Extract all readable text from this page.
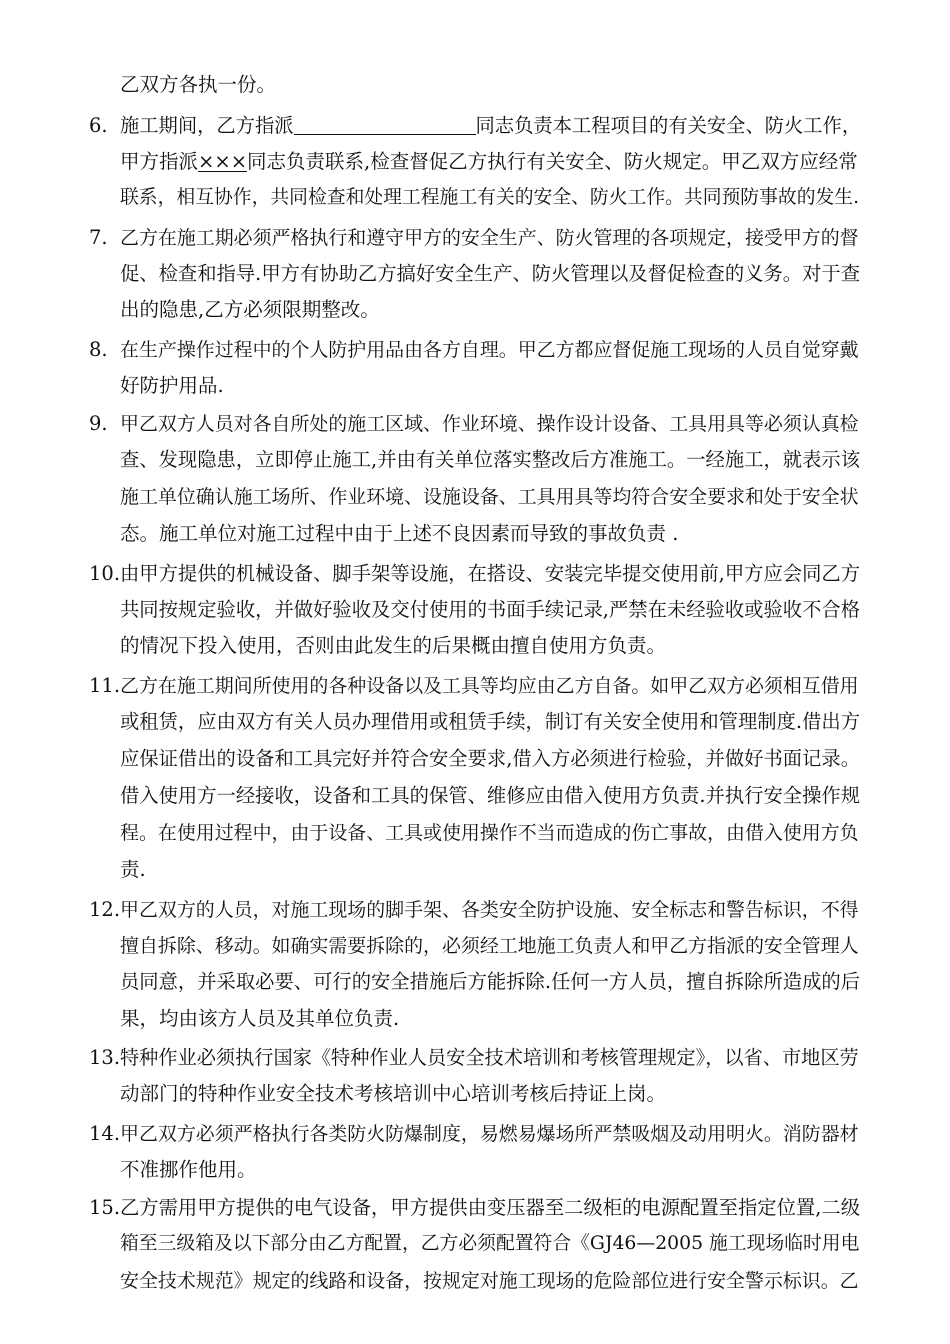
乙双方各执一份。
6. 施工期间，乙方指派	同志负责本工程项目的有关安全、防火工作，
甲方指派×××同志负责联系,检查督促乙方执行有关安全、防火规定。甲乙双方应经常
联系，相互协作，共同检查和处理工程施工有关的安全、防火工作。共同预防事故的发生.
7. 乙方在施工期必须严格执行和遵守甲方的安全生产、防火管理的各项规定，接受甲方的督
促、检查和指导.甲方有协助乙方搞好安全生产、防火管理以及督促检查的义务。对于查
出的隐患,乙方必须限期整改。
8. 在生产操作过程中的个人防护用品由各方自理。甲乙方都应督促施工现场的人员自觉穿戴
好防护用品.
9. 甲乙双方人员对各自所处的施工区域、作业环境、操作设计设备、工具用具等必须认真检
查、发现隐患，立即停止施工,并由有关单位落实整改后方准施工。一经施工，就表示该
施工单位确认施工场所、作业环境、设施设备、工具用具等均符合安全要求和处于安全状
态。施工单位对施工过程中由于上述不良因素而导致的事故负责 .
10. 由甲方提供的机械设备、脚手架等设施，在搭设、安装完毕提交使用前,甲方应会同乙方
共同按规定验收，并做好验收及交付使用的书面手续记录,严禁在未经验收或验收不合格
的情况下投入使用，否则由此发生的后果概由擅自使用方负责。
11. 乙方在施工期间所使用的各种设备以及工具等均应由乙方自备。如甲乙双方必须相互借用
或租赁，应由双方有关人员办理借用或租赁手续，制订有关安全使用和管理制度.借出方
应保证借出的设备和工具完好并符合安全要求,借入方必须进行检验，并做好书面记录。
借入使用方一经接收，设备和工具的保管、维修应由借入使用方负责.并执行安全操作规
程。在使用过程中，由于设备、工具或使用操作不当而造成的伤亡事故，由借入使用方负
责.
12. 甲乙双方的人员，对施工现场的脚手架、各类安全防护设施、安全标志和警告标识，不得
擅自拆除、移动。如确实需要拆除的，必须经工地施工负责人和甲乙方指派的安全管理人
员同意，并采取必要、可行的安全措施后方能拆除.任何一方人员，擅自拆除所造成的后
果，均由该方人员及其单位负责.
13. 特种作业必须执行国家《特种作业人员安全技术培训和考核管理规定》，以省、市地区劳
动部门的特种作业安全技术考核培训中心培训考核后持证上岗。
14. 甲乙双方必须严格执行各类防火防爆制度，易燃易爆场所严禁吸烟及动用明火。消防器材
不准挪作他用。
15. 乙方需用甲方提供的电气设备，甲方提供由变压器至二级柜的电源配置至指定位置,二级
箱至三级箱及以下部分由乙方配置，乙方必须配置符合《GJ46—2005 施工现场临时用电
安全技术规范》规定的线路和设备，按规定对施工现场的危险部位进行安全警示标识。乙
